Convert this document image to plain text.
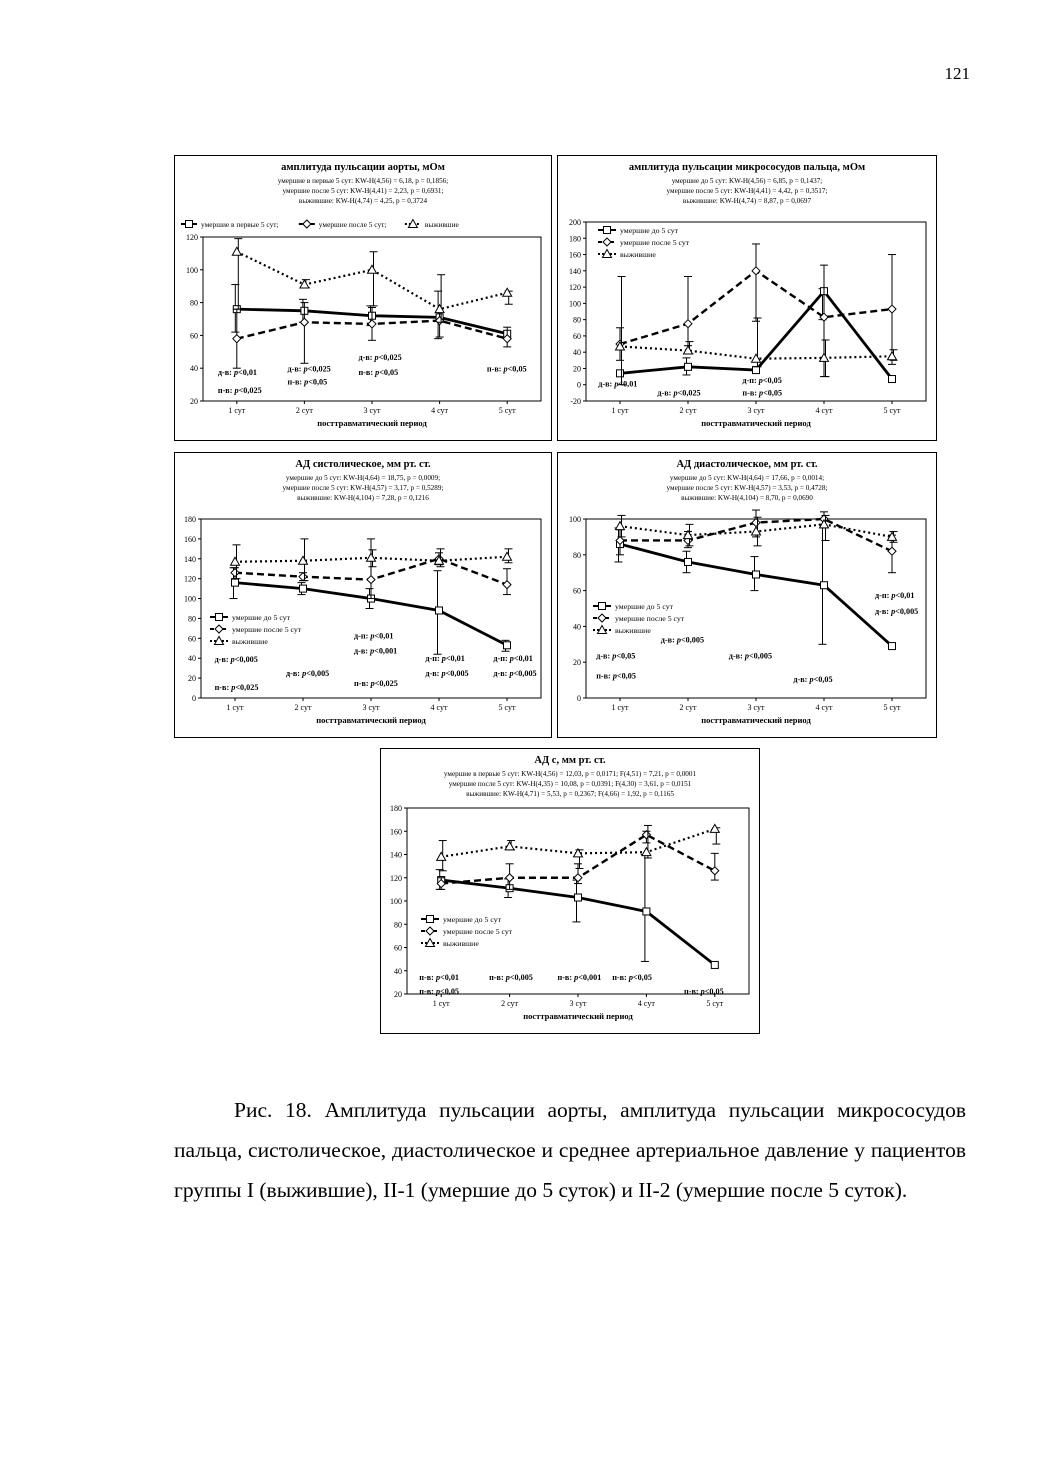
121
амплитуда пульсации аорты, мОм
умершие в первые 5 сут: KW-H(4,56) = 6,18, p = 0,1856;
умершие после 5 сут: KW-H(4,41) = 2,23, p = 0,6931;
выжившие: KW-H(4,74) = 4,25, p = 0,3724
20
40
60
80
100
120
1 сут	2 сут	3 сут	4 сут	5 сут
посттравматический период
д-в: p<0,01
п-в: p<0,025
д-в: p<0,025
п-в: p<0,05
д-в: p<0,025
п-в: p<0,05	п-в: p<0,05
умершие в первые 5 сут;	умершие после 5 сут;	выжившие
амплитуда пульсации микрососудов пальца, мОм
умершие до 5 сут: KW-H(4,56) = 6,85, p = 0,1437;
умершие после 5 сут: KW-H(4,41) = 4,42, p = 0,3517;
выжившие: KW-H(4,74) = 8,87, p = 0,0697
-20
0
20
40
60
80
100
120
140
160
180
200
1 сут	2 сут	3 сут	4 сут	5 сут
посттравматический период
д-в: p<0,01
д-в: p<0,025
д-п: p<0,05
п-в: p<0,05
умершие до 5 сут
умершие после 5 сут
выжившие
АД систолическое, мм рт. ст.
умершие до 5 сут: KW-H(4,64) = 18,75, p = 0,0009;
умершие после 5 сут: KW-H(4,57) = 3,17, p = 0,5289;
выжившие: KW-H(4,104) = 7,28, p = 0,1216
0
20
40
60
80
100
120
140
160
180
1 сут	2 сут	3 сут	4 сут	5 сут
посттравматический период
д-в: p<0,005
п-в: p<0,025
д-в: p<0,005
д-п: p<0,01
д-в: p<0,001
п-в: p<0,025
д-п: p<0,01
д-в: p<0,005
д-п: p<0,01
д-в: p<0,005
умершие до 5 сут
умершие после 5 сут
выжившие
АД диастолическое, мм рт. ст.
умершие до 5 сут: KW-H(4,64) = 17,66, p = 0,0014;
умершие после 5 сут: KW-H(4,57) = 3,53, p = 0,4728;
выжившие: KW-H(4,104) = 8,70, p = 0,0690
0
20
40
60
80
100
1 сут	2 сут	3 сут	4 сут	5 сут
посттравматический период
д-п: p<0,01
д-в: p<0,005
д-в: p<0,005
д-в: p<0,05
п-в: p<0,05
д-в: p<0,005
д-в: p<0,05
умершие до 5 сут
умершие после 5 сут
выжившие
АД с, мм рт. ст.
умершие в первые 5 сут: KW-H(4,56) = 12,03, p = 0,0171; F(4,51) = 7,21, p = 0,0001
умершие после 5 сут: KW-H(4,35) = 10,08, p = 0,0391; F(4,30) = 3,61, p = 0,0151
выжившие: KW-H(4,71) = 5,53, p = 0,2367; F(4,66) = 1,92, p = 0,1165
20
40
60
80
100
120
140
160
180
1 сут	2 сут	3 сут	4 сут	5 сут
посттравматический период
п-в: p<0,01
п-в: p<0,05
п-в: p<0,005	п-в: p<0,001 п-в: p<0,05
п-в: p<0,05
умершие до 5 сут
умершие после 5 сут
выжившие
Рис. 18. Амплитуда пульсации аорты, амплитуда пульсации микрососудов пальца, систолическое, диастолическое и среднее артериальное давление у пациентов группы I (выжившие), II-1 (умершие до 5 суток) и II-2 (умершие после 5 суток).
